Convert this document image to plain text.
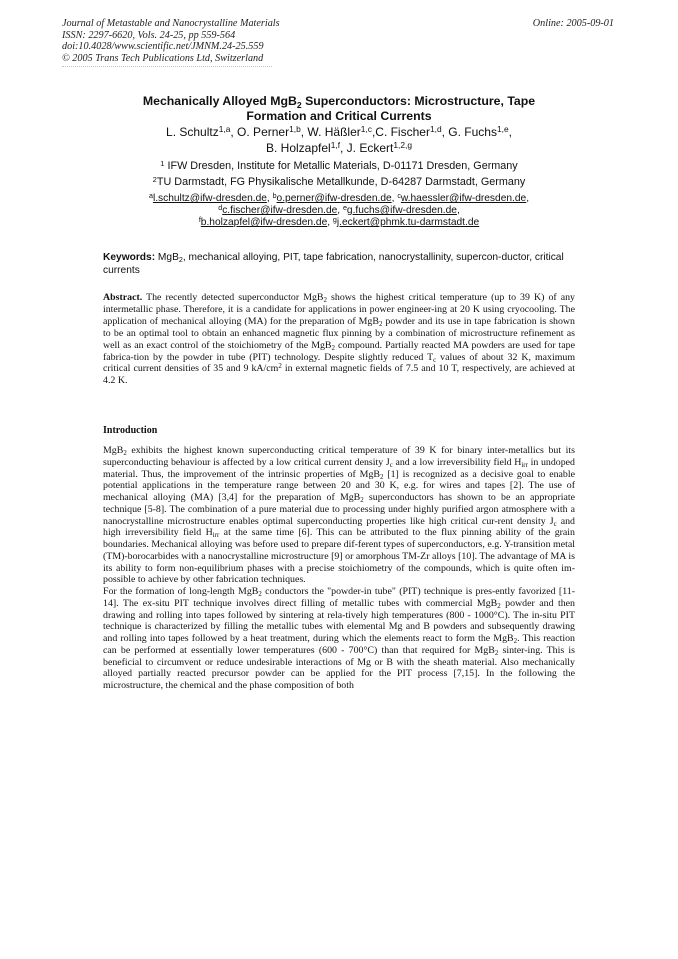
Journal of Metastable and Nanocrystalline Materials
ISSN: 2297-6620, Vols. 24-25, pp 559-564
doi:10.4028/www.scientific.net/JMNM.24-25.559
© 2005 Trans Tech Publications Ltd, Switzerland
Online: 2005-09-01
Mechanically Alloyed MgB$_2$ Superconductors: Microstructure, Tape
Formation and Critical Currents
L. Schultz$^{1,a}$, O. Perner$^{1,b}$, W. Häßler$^{1,c}$,C. Fischer$^{1,d}$, G. Fuchs$^{1,e}$,
B. Holzapfel$^{1,f}$, J. Eckert$^{1,2,g}$
$^1$ IFW Dresden, Institute for Metallic Materials, D-01171 Dresden, Germany
$^2$TU Darmstadt, FG Physikalische Metallkunde, D-64287 Darmstadt, Germany
$^a$l.schultz@ifw-dresden.de, $^b$o.perner@ifw-dresden.de, $^c$w.haessler@ifw-dresden.de,
$^d$c.fischer@ifw-dresden.de, $^e$g.fuchs@ifw-dresden.de,
$^f$b.holzapfel@ifw-dresden.de, $^g$j.eckert@phmk.tu-darmstadt.de
Keywords: MgB$_2$, mechanical alloying, PIT, tape fabrication, nanocrystallinity, supercon-ductor, critical currents
Abstract. The recently detected superconductor MgB$_2$ shows the highest critical temperature (up to 39 K) of any intermetallic phase. Therefore, it is a candidate for applications in power engineer-ing at 20 K using cryocooling. The application of mechanical alloying (MA) for the preparation of MgB$_2$ powder and its use in tape fabrication is shown to be an optimal tool to obtain an enhanced magnetic flux pinning by a combination of microstructure refinement as well as an exact control of the stoichiometry of the MgB$_2$ compound. Partially reacted MA powders are used for tape fabrica-tion by the powder in tube (PIT) technology. Despite slightly reduced $T_c$ values of about 32 K, maximum critical current densities of 35 and 9 $kA/cm^2$ in external magnetic fields of 7.5 and 10 T, respectively, are achieved at 4.2 K.
Introduction

MgB$_2$ exhibits the highest known superconducting critical temperature of 39 K for binary inter-metallics but its superconducting behaviour is affected by a low critical current density $J_c$ and a low irreversibility field $H_{irr}$ in undoped material. Thus, the improvement of the intrinsic properties of MgB$_2$ [1] is recognized as a decisive goal to enable potential applications in the temperature range between 20 and 30 K, e.g. for wires and tapes [2]. The use of mechanical alloying (MA) [3,4] for the preparation of MgB$_2$ superconductors has shown to be an appropriate technique [5-8]. The combination of a pure material due to processing under highly purified argon atmosphere with a nanocrystalline microstructure enables optimal superconducting properties like high critical cur-rent density $J_c$ and high irreversibility field $H_{irr}$ at the same time [6]. This can be attributed to the flux pinning ability of the grain boundaries. Mechanical alloying was before used to prepare dif-ferent types of superconductors, e.g. Y-transition metal (TM)-borocarbides with a nanocrystalline microstructure [9] or amorphous TM-Zr alloys [10]. The advantage of MA is its ability to form non-equilibrium phases with a precise stoichiometry of the compounds, which is quite often im-possible to achieve by other fabrication techniques.

For the formation of long-length MgB$_2$ conductors the "powder-in tube" (PIT) technique is pres-ently favorized [11-14]. The ex-situ PIT technique involves direct filling of metallic tubes with commercial MgB$_2$ powder and then drawing and rolling into tapes followed by sintering at rela-tively high temperatures (800 - 1000°C). The in-situ PIT technique is characterized by filling the metallic tubes with elemental Mg and B powders and subsequently drawing and rolling into tapes followed by a heat treatment, during which the elements react to form the MgB$_2$. This reaction can be performed at essentially lower temperatures (600 - 700°C) than that required for MgB$_2$ sinter-ing. This is beneficial to circumvent or reduce undesirable interactions of Mg or B with the sheath material. Also mechanically alloyed partially reacted precursor powder can be applied for the PIT process [7,15]. In the following the microstructure, the chemical and the phase composition of both
